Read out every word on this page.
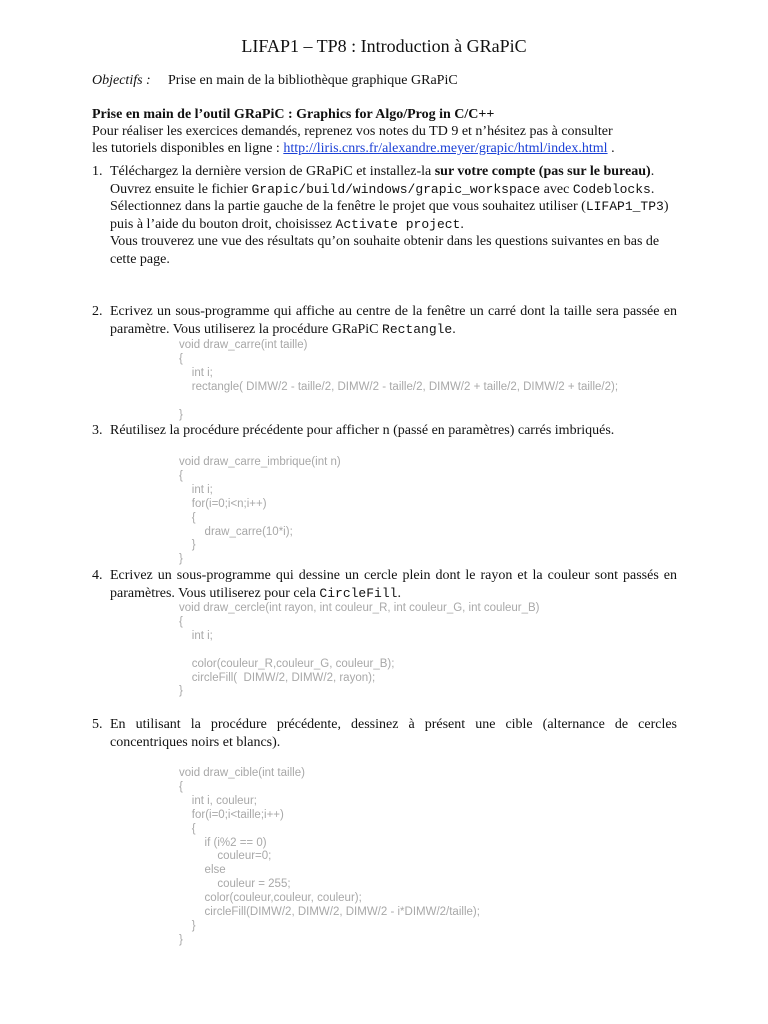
LIFAP1 – TP8 : Introduction à GRaPiC
Objectifs : Prise en main de la bibliothèque graphique GRaPiC
Prise en main de l’outil GRaPiC : Graphics for Algo/Prog in C/C++
Pour réaliser les exercices demandés, reprenez vos notes du TD 9 et n’hésitez pas à consulter
les tutoriels disponibles en ligne : http://liris.cnrs.fr/alexandre.meyer/grapic/html/index.html .
1. Téléchargez la dernière version de GRaPiC et installez-la sur votre compte (pas sur le bureau).
Ouvrez ensuite le fichier Grapic/build/windows/grapic_workspace avec Codeblocks. Sélectionnez dans la partie gauche de la fenêtre le projet que vous souhaitez utiliser (LIFAP1_TP3) puis à l’aide du bouton droit, choisissez Activate project.
Vous trouverez une vue des résultats qu’on souhaite obtenir dans les questions suivantes en bas de cette page.
2. Ecrivez un sous-programme qui affiche au centre de la fenêtre un carré dont la taille sera passée en paramètre. Vous utiliserez la procédure GRaPiC Rectangle.
void draw_carre(int taille)
{
int i;
rectangle( DIMW/2 - taille/2, DIMW/2 - taille/2, DIMW/2 + taille/2, DIMW/2 + taille/2);

}
3. Réutilisez la procédure précédente pour afficher n (passé en paramètres) carrés imbriqués.
void draw_carre_imbrique(int n)
{
int i;
for(i=0;i<n;i++)
{
draw_carre(10*i);
}
}
4. Ecrivez un sous-programme qui dessine un cercle plein dont le rayon et la couleur sont passés en paramètres. Vous utiliserez pour cela CircleFill.
void draw_cercle(int rayon, int couleur_R, int couleur_G, int couleur_B)
{
int i;

color(couleur_R,couleur_G, couleur_B);
circleFill(  DIMW/2, DIMW/2, rayon);
}
5. En utilisant la procédure précédente, dessinez à présent une cible (alternance de cercles concentriques noirs et blancs).
void draw_cible(int taille)
{
int i, couleur;
for(i=0;i<taille;i++)
{
if (i%2 == 0)
couleur=0;
else
couleur = 255;
color(couleur,couleur, couleur);
circleFill(DIMW/2, DIMW/2, DIMW/2 - i*DIMW/2/taille);
}
}
